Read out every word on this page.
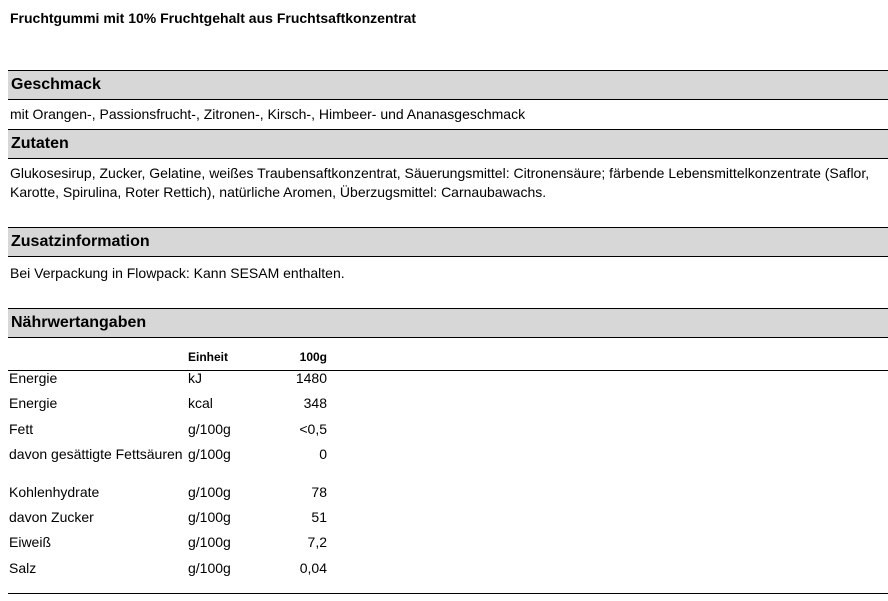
Fruchtgummi mit 10% Fruchtgehalt aus Fruchtsaftkonzentrat
Geschmack
mit Orangen-, Passionsfrucht-, Zitronen-, Kirsch-, Himbeer- und Ananasgeschmack
Zutaten
Glukosesirup, Zucker, Gelatine, weißes Traubensaftkonzentrat, Säuerungsmittel: Citronensäure; färbende Lebensmittelkonzentrate (Saflor, Karotte, Spirulina, Roter Rettich), natürliche Aromen, Überzugsmittel: Carnaubawachs.
Zusatzinformation
Bei Verpackung in Flowpack: Kann SESAM enthalten.
Nährwertangaben
	Einheit	100g
Energie	kJ	1480
Energie	kcal	348
Fett	g/100g	<0,5
davon gesättigte Fettsäuren	g/100g	0
Kohlenhydrate	g/100g	78
davon Zucker	g/100g	51
Eiweiß	g/100g	7,2
Salz	g/100g	0,04
